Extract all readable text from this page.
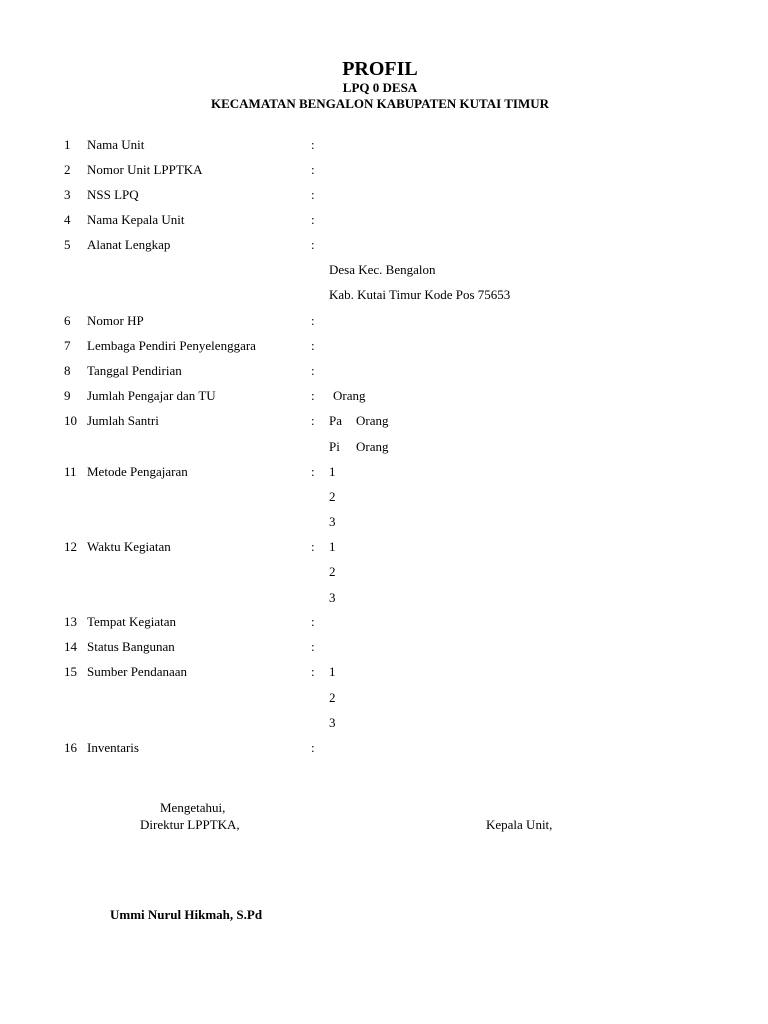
PROFIL
LPQ 0 DESA
KECAMATAN BENGALON KABUPATEN KUTAI TIMUR
1 Nama Unit	:
2 Nomor Unit LPPTKA	:
3 NSS LPQ	:
4 Nama Kepala Unit	:
5 Alanat Lengkap	:
Desa Kec. Bengalon
Kab. Kutai Timur Kode Pos 75653
6 Nomor HP	:
7 Lembaga Pendiri Penyelenggara	:
8 Tanggal Pendirian	:
9 Jumlah Pengajar dan TU	: Orang
10 Jumlah Santri	: Pa Orang
Pi Orang
11 Metode Pengajaran	: 1
2
3
12 Waktu Kegiatan	: 1
2
3
13 Tempat Kegiatan	:
14 Status Bangunan	:
15 Sumber Pendanaan	: 1
2
3
16 Inventaris	:
Mengetahui,
Direktur LPPTKA,	Kepala Unit,
Ummi Nurul Hikmah, S.Pd
